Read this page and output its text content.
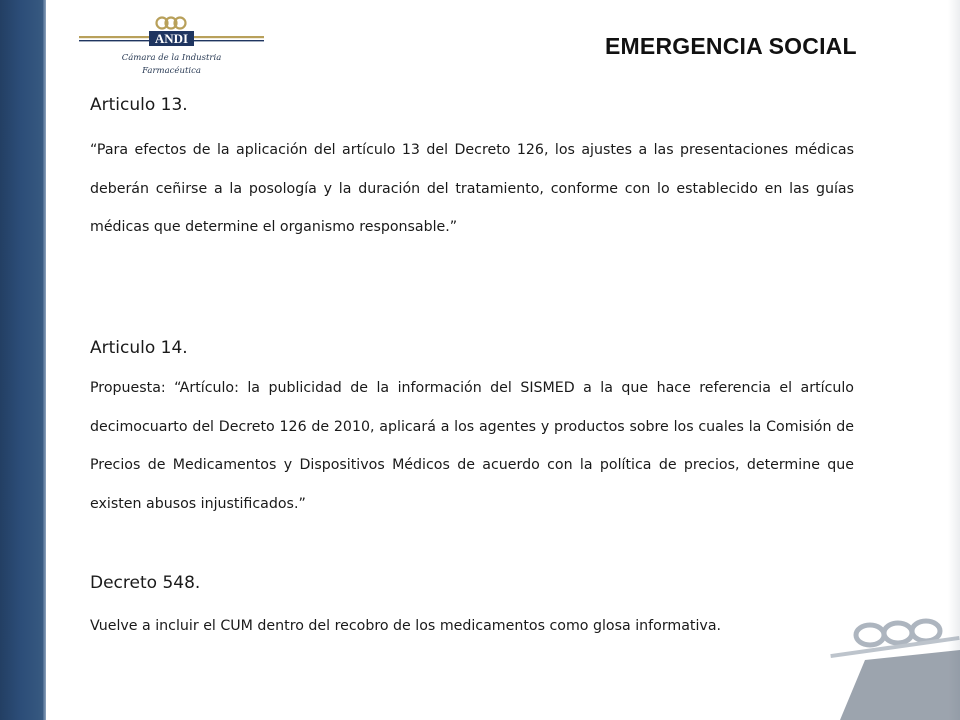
ANDI
Cámara de la Industria
Farmacéutica
EMERGENCIA SOCIAL
Articulo 13.

“Para efectos de la aplicación del artículo 13 del Decreto 126, los ajustes a las presentaciones médicas deberán ceñirse a la posología y la duración del tratamiento, conforme con lo establecido en las guías médicas que determine el organismo responsable.”

Articulo 14.

Propuesta: “Artículo: la publicidad de la información del SISMED a la que hace referencia el artículo decimocuarto del Decreto 126 de 2010, aplicará a los agentes y productos sobre los cuales la Comisión de Precios de Medicamentos y Dispositivos Médicos de acuerdo con la política de precios, determine que existen abusos injustificados.”

Decreto 548.

Vuelve a incluir el CUM dentro del recobro de los medicamentos como glosa informativa.
